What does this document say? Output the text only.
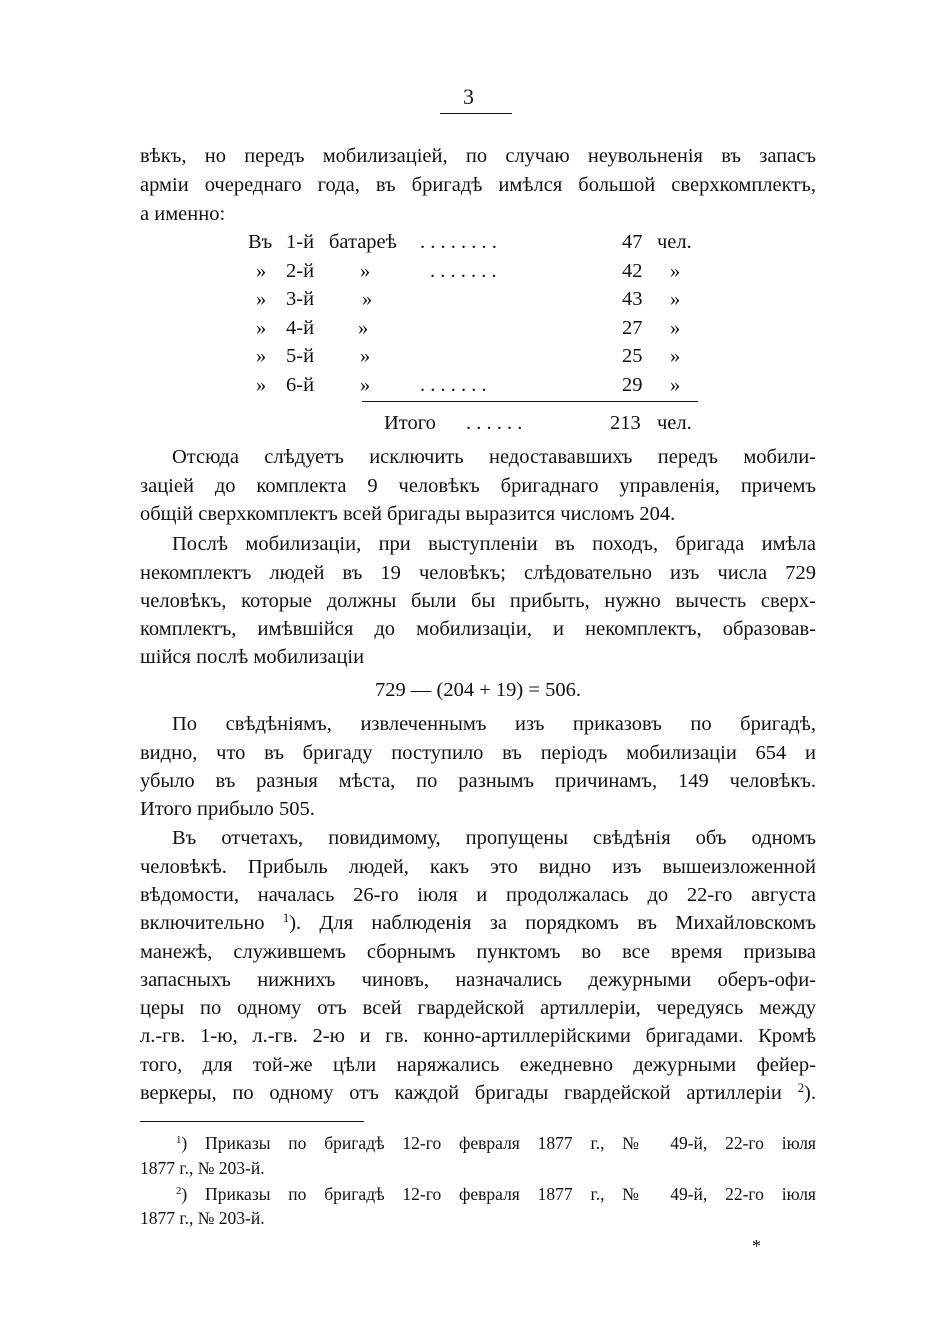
3
вѣкъ, но передъ мобилизаціей, по случаю неувольненія въ запасъ
арміи очереднаго года, въ бригадѣ имѣлся большой сверхкомплектъ,
а именно:
Въ 1-й батареѣ . . . . . . . .	47 чел.
» 2-й »	. . . . . . .	42 »
» 3-й »	43 »
» 4-й »	27 »
» 5-й »	25 »
» 6-й » . . . . . . .	29 »
Итого . . . . . .	213 чел.
Отсюда слѣдуетъ исключить недостававшихъ передъ мобили-
заціей до комплекта 9 человѣкъ бригаднаго управленія, причемъ
общій сверхкомплектъ всей бригады выразится числомъ 204.
Послѣ мобилизаціи, при выступленіи въ походъ, бригада имѣла
некомплектъ людей въ 19 человѣкъ; слѣдовательно изъ числа 729
человѣкъ, которые должны были бы прибыть, нужно вычесть сверх-
комплектъ, имѣвшійся до мобилизаціи, и некомплектъ, образовав-
шійся послѣ мобилизаціи
729 — (204 + 19) = 506.
По свѣдѣніямъ, извлеченнымъ изъ приказовъ по бригадѣ,
видно, что въ бригаду поступило въ періодъ мобилизаціи 654 и
убыло въ разныя мѣста, по разнымъ причинамъ, 149 человѣкъ.
Итого прибыло 505.
Въ отчетахъ, повидимому, пропущены свѣдѣнія объ одномъ
человѣкѣ. Прибыль людей, какъ это видно изъ вышеизложенной
вѣдомости, началась 26-го іюля и продолжалась до 22-го августа
включительно $^1$). Для наблюденія за порядкомъ въ Михайловскомъ
манежѣ, служившемъ сборнымъ пунктомъ во все время призыва
запасныхъ нижнихъ чиновъ, назначались дежурными оберъ-офи-
церы по одному отъ всей гвардейской артиллеріи, чередуясь между
л.-гв. 1-ю, л.-гв. 2-ю и гв. конно-артиллерійскими бригадами. Кромѣ
того, для той-же цѣли наряжались ежедневно дежурными фейер-
веркеры, по одному отъ каждой бригады гвардейской артиллеріи $^2$).
$^1$) Приказы по бригадѣ 12-го февраля 1877 г., № 49-й, 22-го іюля
1877 г., № 203-й.
$^2$) Приказы по бригадѣ 12-го февраля 1877 г., № 49-й, 22-го іюля
1877 г., № 203-й.
*
